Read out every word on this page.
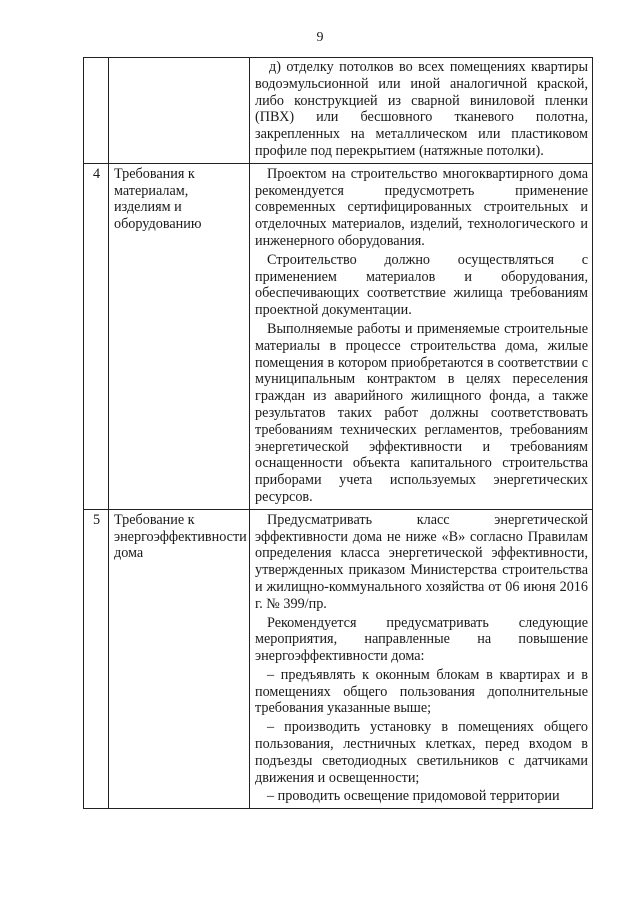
9

		д) отделку потолков во всех помещениях квартиры водоэмульсионной или иной аналогичной краской, либо конструкцией из сварной виниловой пленки (ПВХ) или бесшовного тканевого полотна, закрепленных на металлическом или пластиковом профиле под перекрытием (натяжные потолки).

4	Требования к материалам, изделиям и оборудованию	Проектом на строительство многоквартирного дома рекомендуется предусмотреть применение современных сертифицированных строительных и отделочных материалов, изделий, технологического и инженерного оборудования.

Строительство должно осуществляться с применением материалов и оборудования, обеспечивающих соответствие жилища требованиям проектной документации.

Выполняемые работы и применяемые строительные материалы в процессе строительства дома, жилые помещения в котором приобретаются в соответствии с муниципальным контрактом в целях переселения граждан из аварийного жилищного фонда, а также результатов таких работ должны соответствовать требованиям технических регламентов, требованиям энергетической эффективности и требованиям оснащенности объекта капитального строительства приборами учета используемых энергетических ресурсов.

5	Требование к энергоэффективности дома	Предусматривать класс энергетической эффективности дома не ниже «В» согласно Правилам определения класса энергетической эффективности, утвержденных приказом Министерства строительства и жилищно-коммунального хозяйства от 06 июня 2016 г. № 399/пр.

Рекомендуется предусматривать следующие мероприятия, направленные на повышение энергоэффективности дома:

– предъявлять к оконным блокам в квартирах и в помещениях общего пользования дополнительные требования указанные выше;

– производить установку в помещениях общего пользования, лестничных клетках, перед входом в подъезды светодиодных светильников с датчиками движения и освещенности;

– проводить освещение придомовой территории
